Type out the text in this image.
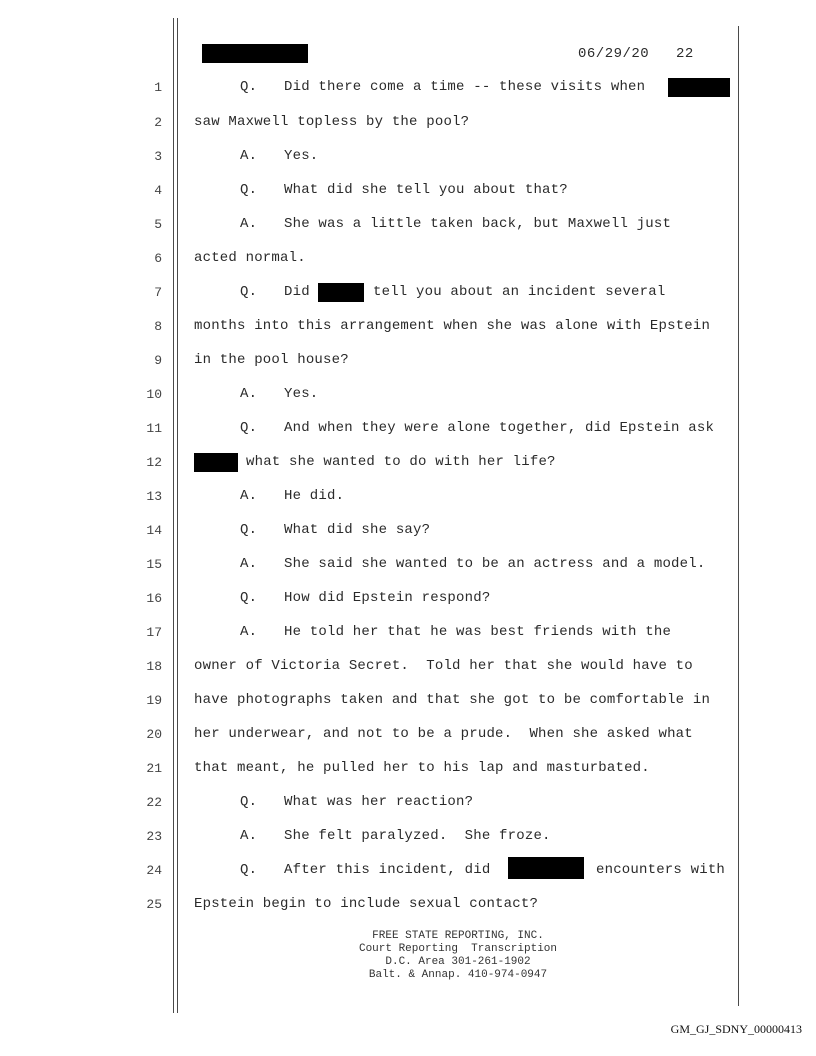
06/29/20 22
1	Q. Did there come a time -- these visits when
2 saw Maxwell topless by the pool?
3	A. Yes.
4	Q. What did she tell you about that?
5	A. She was a little taken back, but Maxwell just
6 acted normal.
7	Q. Did	tell you about an incident several
8 months into this arrangement when she was alone with Epstein
9 in the pool house?
10	A. Yes.
11	Q. And when they were alone together, did Epstein ask
12	what she wanted to do with her life?
13	A. He did.
14	Q. What did she say?
15	A. She said she wanted to be an actress and a model.
16	Q. How did Epstein respond?
17	A. He told her that he was best friends with the
18 owner of Victoria Secret.  Told her that she would have to
19 have photographs taken and that she got to be comfortable in
20 her underwear, and not to be a prude.  When she asked what
21 that meant, he pulled her to his lap and masturbated.
22	Q. What was her reaction?
23	A. She felt paralyzed.  She froze.
24	Q. After this incident, did	encounters with
25 Epstein begin to include sexual contact?
FREE STATE REPORTING, INC.
Court Reporting  Transcription
D.C. Area 301-261-1902
Balt. & Annap. 410-974-0947
GM_GJ_SDNY_00000413
